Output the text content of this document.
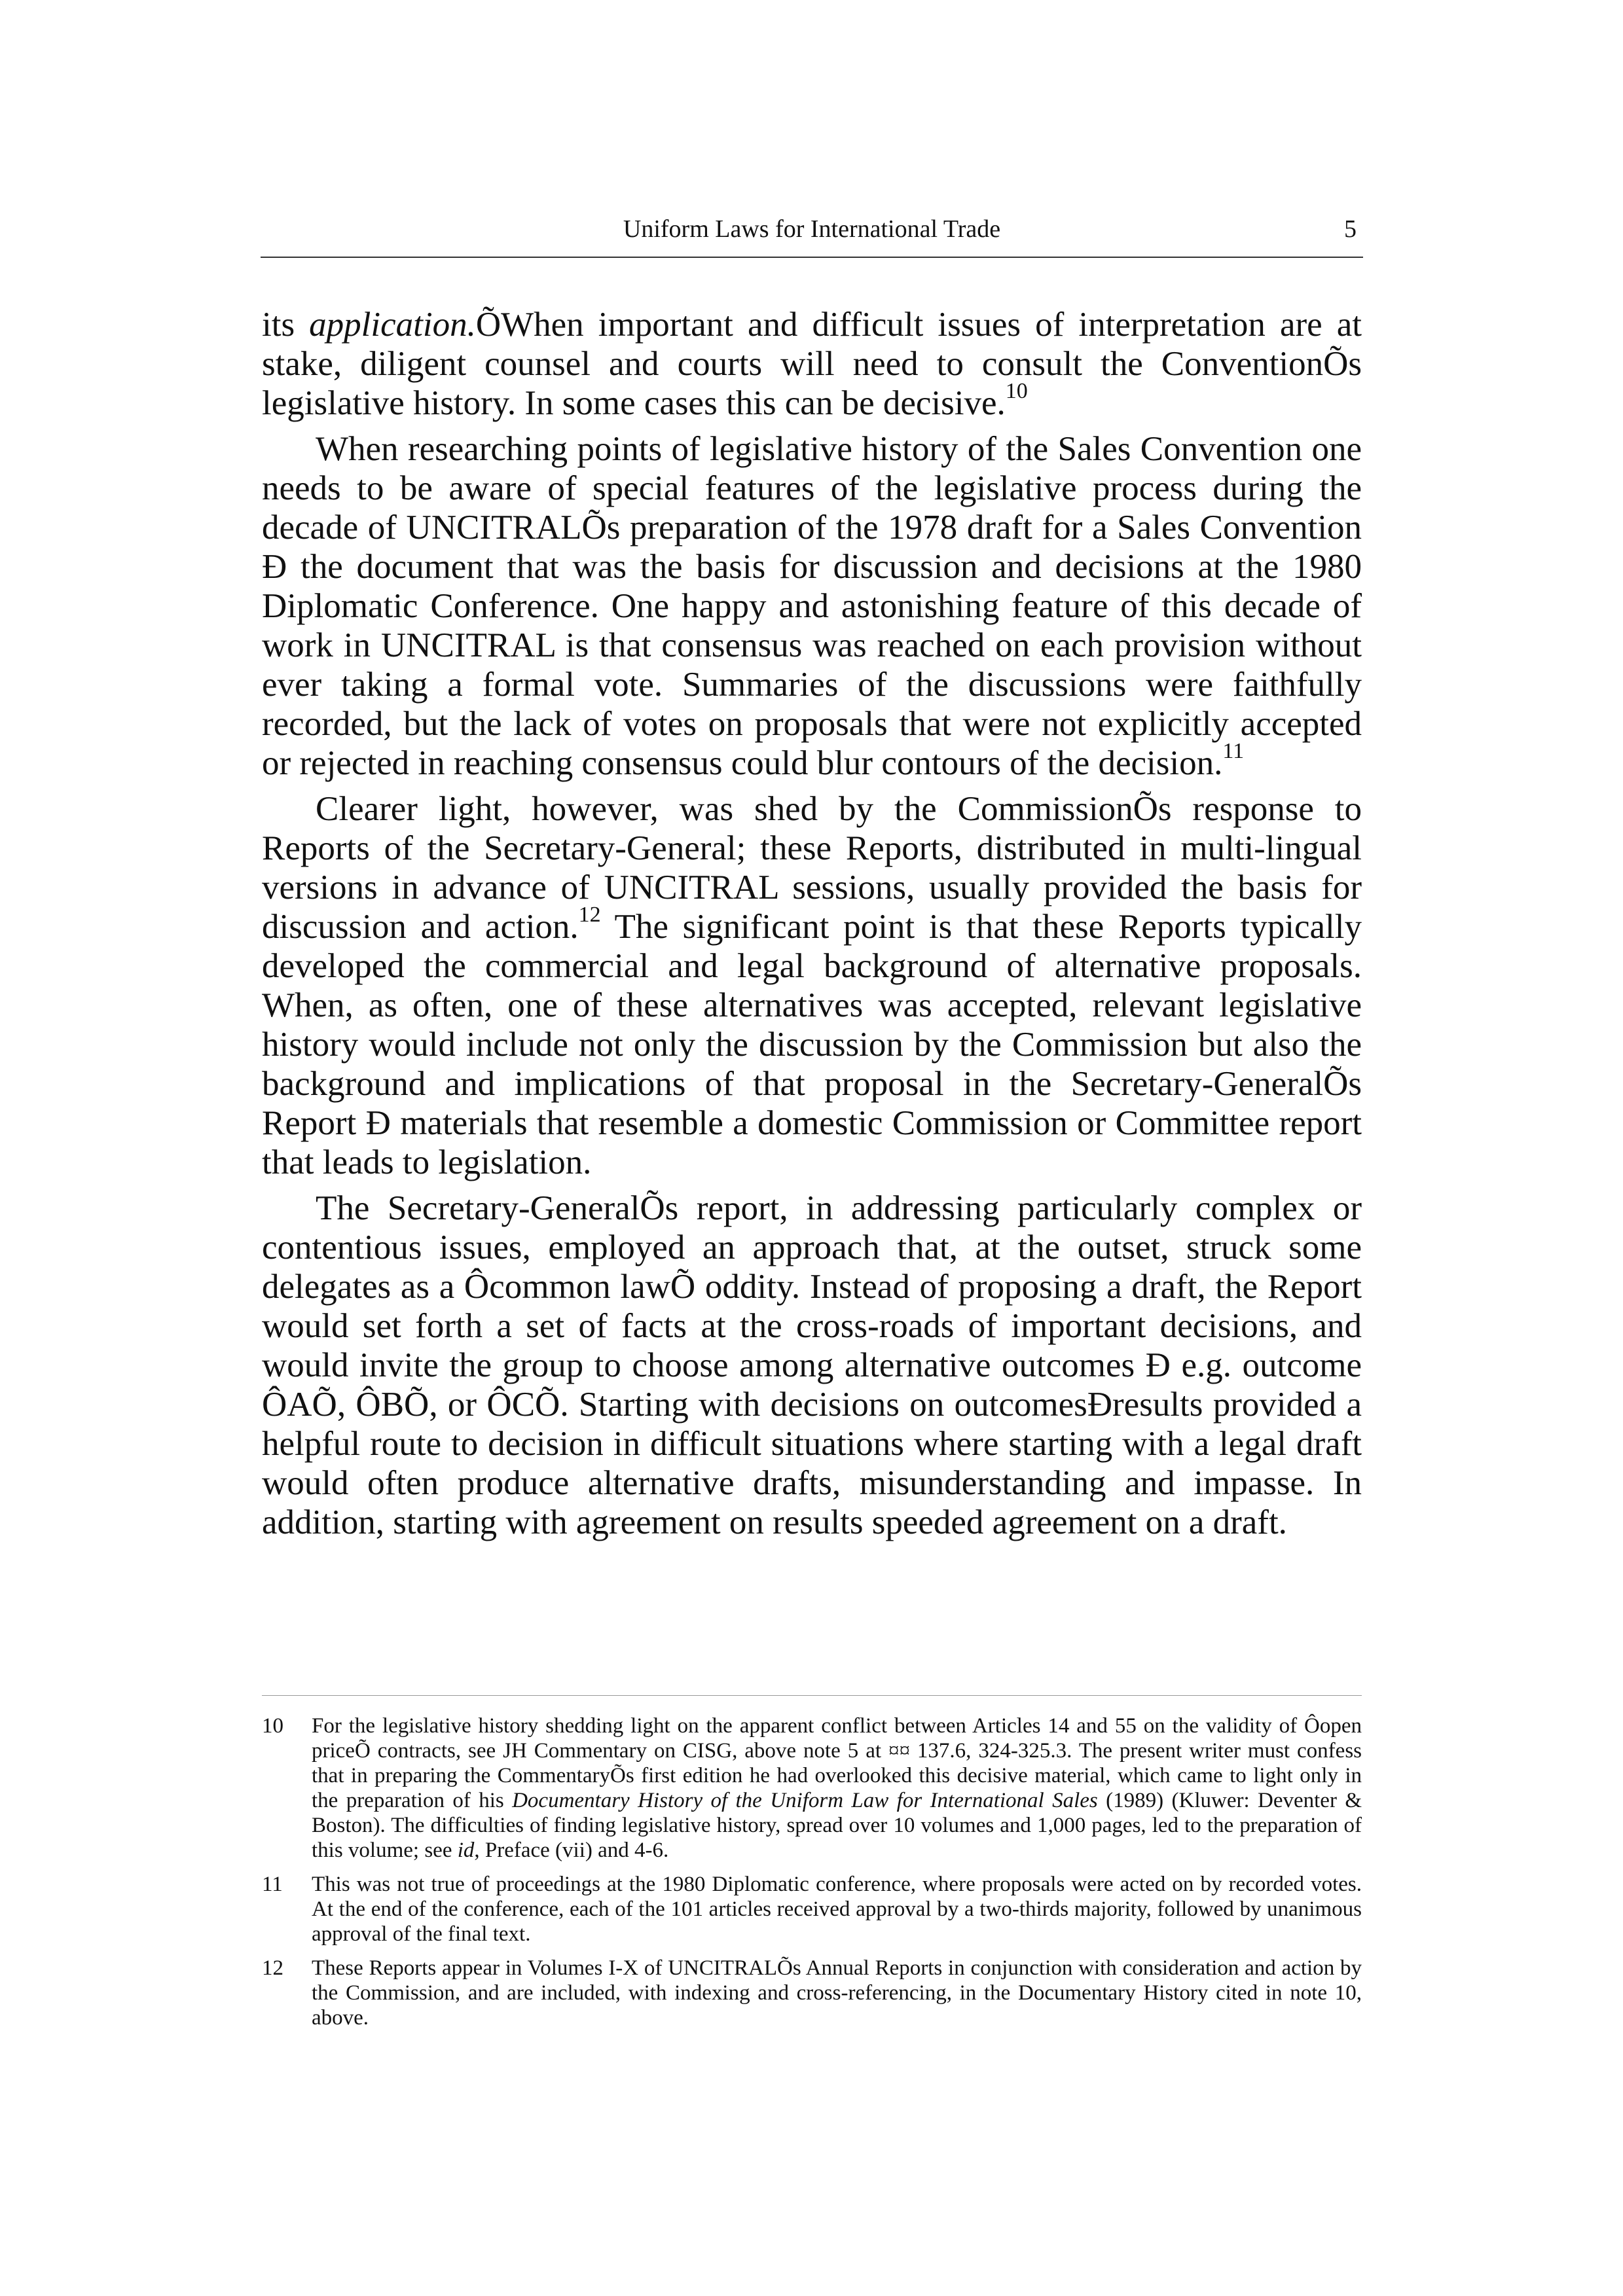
Uniform Laws for International Trade	5

its application.ÕWhen important and difficult issues of interpretation are at stake, diligent counsel and courts will need to consult the ConventionÕs legislative history. In some cases this can be decisive.$^{10}$

When researching points of legislative history of the Sales Convention one needs to be aware of special features of the legislative process during the decade of UNCITRALÕs preparation of the 1978 draft for a Sales Convention Ð the document that was the basis for discussion and decisions at the 1980 Diplomatic Conference. One happy and astonishing feature of this decade of work in UNCITRAL is that consensus was reached on each provision without ever taking a formal vote. Summaries of the discussions were faithfully recorded, but the lack of votes on proposals that were not explicitly accepted or rejected in reaching consensus could blur contours of the decision.$^{11}$

Clearer light, however, was shed by the CommissionÕs response to Reports of the Secretary-General; these Reports, distributed in multi-lingual versions in advance of UNCITRAL sessions, usually provided the basis for discussion and action.$^{12}$ The significant point is that these Reports typically developed the commercial and legal background of alternative proposals. When, as often, one of these alternatives was accepted, relevant legislative history would include not only the discussion by the Commission but also the background and implications of that proposal in the Secretary-GeneralÕs Report Ð materials that resemble a domestic Commission or Committee report that leads to legislation.

The Secretary-GeneralÕs report, in addressing particularly complex or contentious issues, employed an approach that, at the outset, struck some delegates as a Ôcommon lawÕ oddity. Instead of proposing a draft, the Report would set forth a set of facts at the cross-roads of important decisions, and would invite the group to choose among alternative outcomes Ð e.g. outcome ÔAÕ, ÔBÕ, or ÔCÕ. Starting with decisions on outcomesÐresults provided a helpful route to decision in difficult situations where starting with a legal draft would often produce alternative drafts, misunderstanding and impasse. In addition, starting with agreement on results speeded agreement on a draft.

10	For the legislative history shedding light on the apparent conflict between Articles 14 and 55 on the validity of Ôopen priceÕ contracts, see JH Commentary on CISG, above note 5 at ¤¤ 137.6, 324-325.3. The present writer must confess that in preparing the CommentaryÕs first edition he had overlooked this decisive material, which came to light only in the preparation of his Documentary History of the Uniform Law for International Sales (1989) (Kluwer: Deventer & Boston). The difficulties of finding legislative history, spread over 10 volumes and 1,000 pages, led to the preparation of this volume; see id, Preface (vii) and 4-6.
11	This was not true of proceedings at the 1980 Diplomatic conference, where proposals were acted on by recorded votes. At the end of the conference, each of the 101 articles received approval by a two-thirds majority, followed by unanimous approval of the final text.
12	These Reports appear in Volumes I-X of UNCITRALÕs Annual Reports in conjunction with consideration and action by the Commission, and are included, with indexing and cross-referencing, in the Documentary History cited in note 10, above.
